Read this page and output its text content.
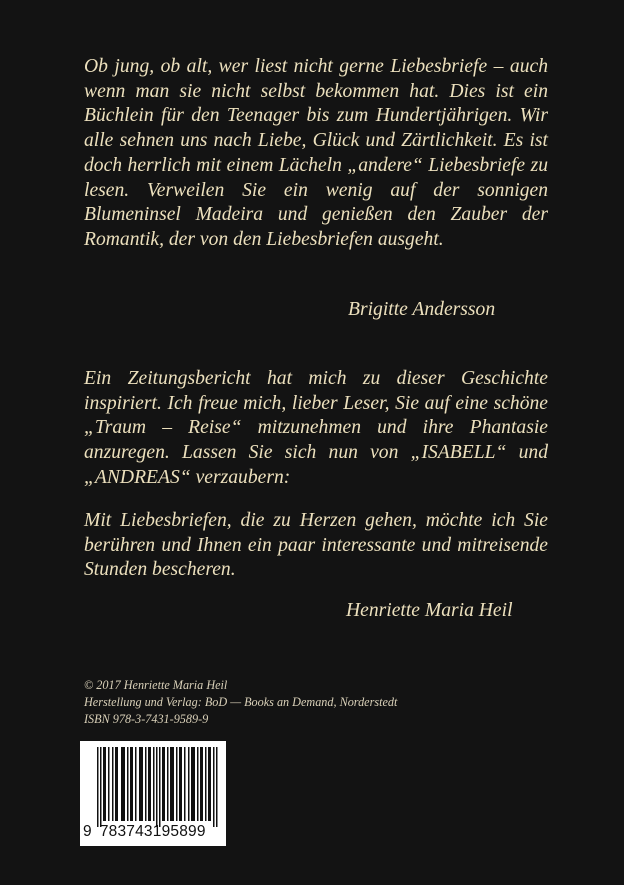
Ob jung, ob alt, wer liest nicht gerne Liebesbriefe – auch wenn man sie nicht selbst bekommen hat. Dies ist ein Büchlein für den Teenager bis zum Hundertjährigen. Wir alle sehnen uns nach Liebe, Glück und Zärtlichkeit. Es ist doch herrlich mit einem Lächeln „andere“ Liebesbriefe zu lesen. Verweilen Sie ein wenig auf der sonnigen Blumeninsel Madeira und genießen den Zauber der Romantik, der von den Liebesbriefen ausgeht.

Brigitte Andersson

Ein Zeitungsbericht hat mich zu dieser Geschichte inspiriert. Ich freue mich, lieber Leser, Sie auf eine schöne „Traum – Reise“ mitzunehmen und ihre Phantasie anzuregen. Lassen Sie sich nun von „ISABELL“ und „ANDREAS“ verzaubern:

Mit Liebesbriefen, die zu Herzen gehen, möchte ich Sie berühren und Ihnen ein paar interessante und mitreisende Stunden bescheren.

Henriette Maria Heil
© 2017 Henriette Maria Heil
Herstellung und Verlag: BoD — Books an Demand, Norderstedt
ISBN 978-3-7431-9589-9
9 783743195899
